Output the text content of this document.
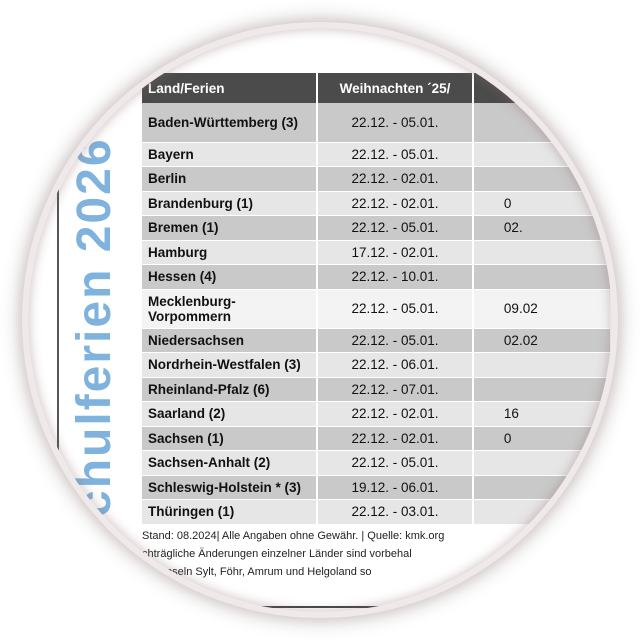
Schulferien 2026
Land/Ferien	Weihnachten ´25/	
Baden-Württemberg (3)	22.12. - 05.01.	
Bayern	22.12. - 05.01.	
Berlin	22.12. - 02.01.	
Brandenburg (1)	22.12. - 02.01.	0
Bremen (1)	22.12. - 05.01.	02.
Hamburg	17.12. - 02.01.	
Hessen (4)	22.12. - 10.01.	
Mecklenburg-Vorpommern	22.12. - 05.01.	09.02
Niedersachsen	22.12. - 05.01.	02.02
Nordrhein-Westfalen (3)	22.12. - 06.01.	
Rheinland-Pfalz (6)	22.12. - 07.01.	
Saarland (2)	22.12. - 02.01.	16
Sachsen (1)	22.12. - 02.01.	0
Sachsen-Anhalt (2)	22.12. - 05.01.	
Schleswig-Holstein * (3)	19.12. - 06.01.	
Thüringen (1)	22.12. - 03.01.	
Stand: 08.2024| Alle Angaben ohne Gewähr. | Quelle: kmk.org
chträgliche Änderungen einzelner Länder sind vorbehal
Inseln Sylt, Föhr, Amrum und Helgoland so
